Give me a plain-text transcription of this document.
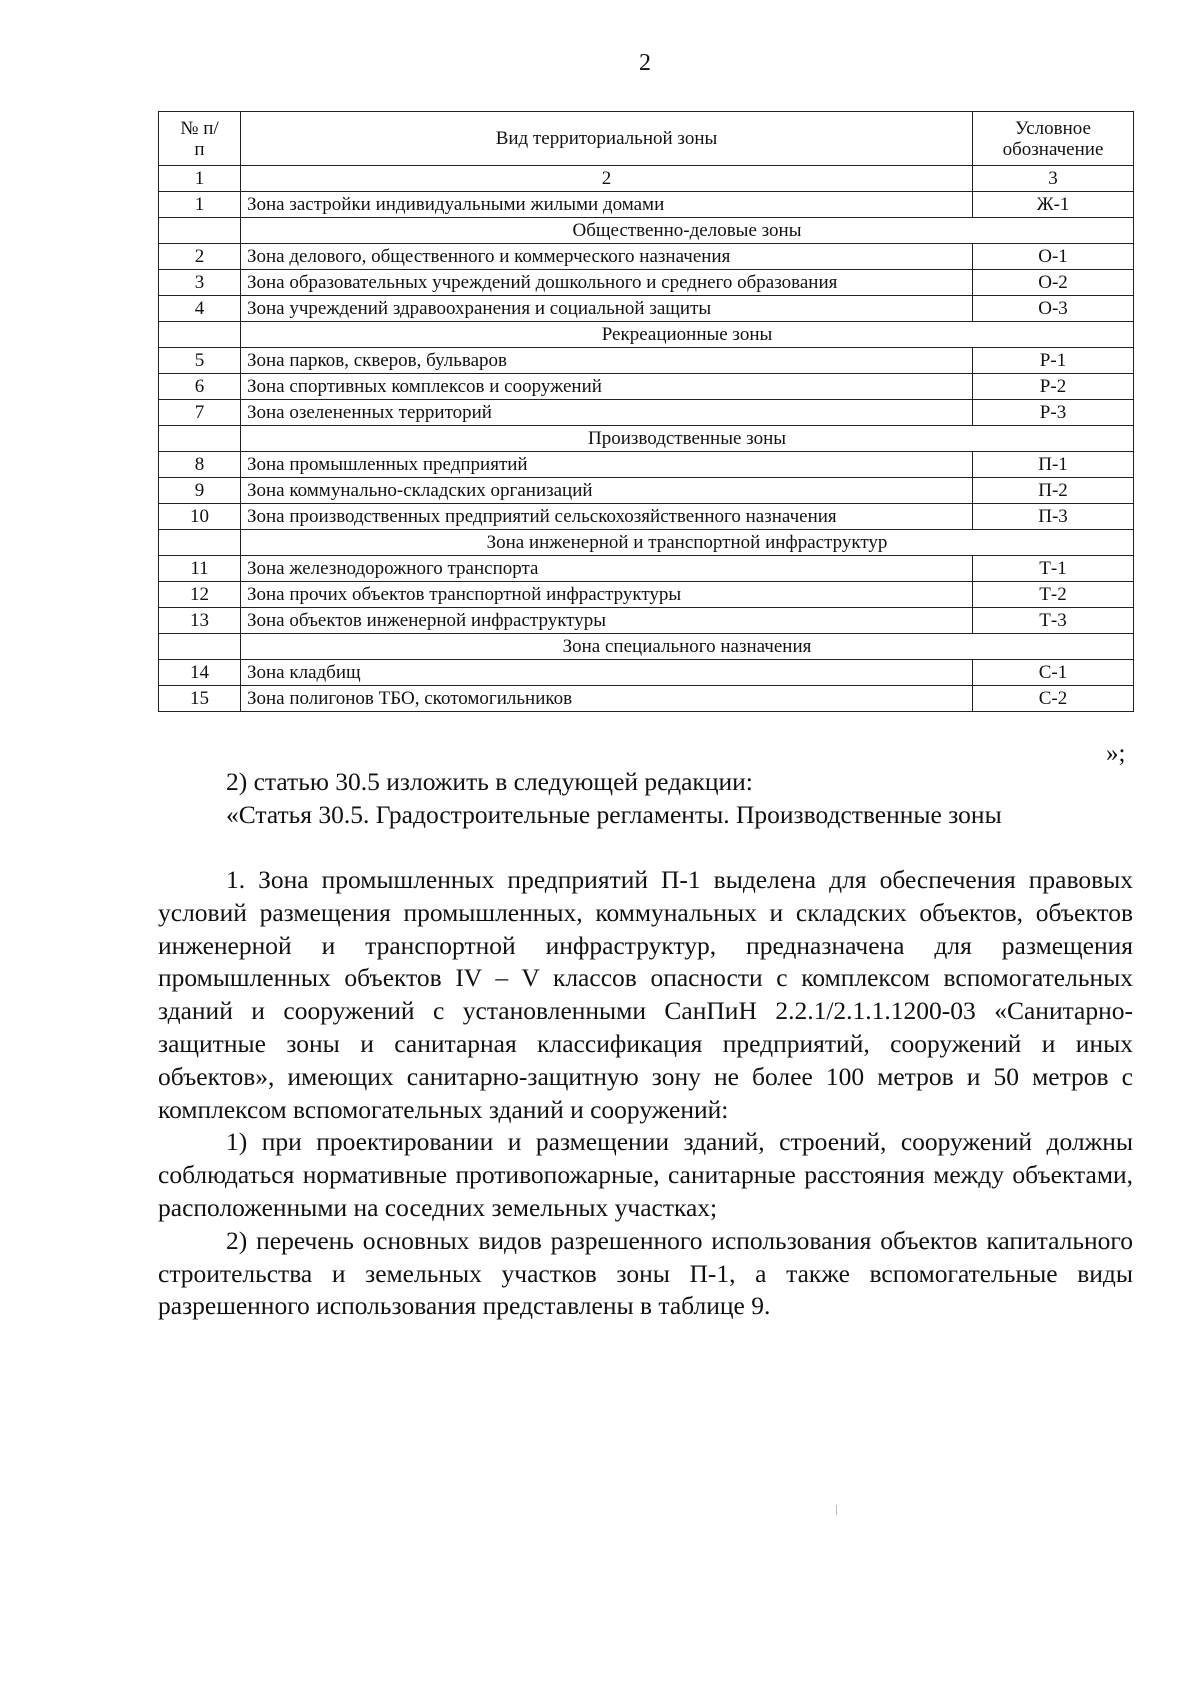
2
№ п/п	Вид территориальной зоны	Условное обозначение
1	2	3
1	Зона застройки индивидуальными жилыми домами	Ж-1
	Общественно-деловые зоны	
2	Зона делового, общественного и коммерческого назначения	О-1
3	Зона образовательных учреждений дошкольного и среднего образования	О-2
4	Зона учреждений здравоохранения и социальной защиты	О-3
	Рекреационные зоны	
5	Зона парков, скверов, бульваров	Р-1
6	Зона спортивных комплексов и сооружений	Р-2
7	Зона озелененных территорий	Р-3
	Производственные зоны	
8	Зона промышленных предприятий	П-1
9	Зона коммунально-складских организаций	П-2
10	Зона производственных предприятий сельскохозяйственного назначения	П-3
	Зона инженерной и транспортной инфраструктур	
11	Зона железнодорожного транспорта	Т-1
12	Зона прочих объектов транспортной инфраструктуры	Т-2
13	Зона объектов инженерной инфраструктуры	Т-3
	Зона специального назначения	
14	Зона кладбищ	С-1
15	Зона полигонов ТБО, скотомогильников	С-2
»;

2) статью 30.5 изложить в следующей редакции:

«Статья 30.5. Градостроительные регламенты. Производственные зоны

1. Зона промышленных предприятий П-1 выделена для обеспечения правовых условий размещения промышленных, коммунальных и складских объектов, объектов инженерной и транспортной инфраструктур, предназначена для размещения промышленных объектов IV – V классов опасности с комплексом вспомогательных зданий и сооружений с установленными СанПиН 2.2.1/2.1.1.1200-03 «Санитарно-защитные зоны и санитарная классификация предприятий, сооружений и иных объектов», имеющих санитарно-защитную зону не более 100 метров и 50 метров с комплексом вспомогательных зданий и сооружений:

1) при проектировании и размещении зданий, строений, сооружений должны соблюдаться нормативные противопожарные, санитарные расстояния между объектами, расположенными на соседних земельных участках;

2) перечень основных видов разрешенного использования объектов капитального строительства и земельных участков зоны П-1, а также вспомогательные виды разрешенного использования представлены в таблице 9.
